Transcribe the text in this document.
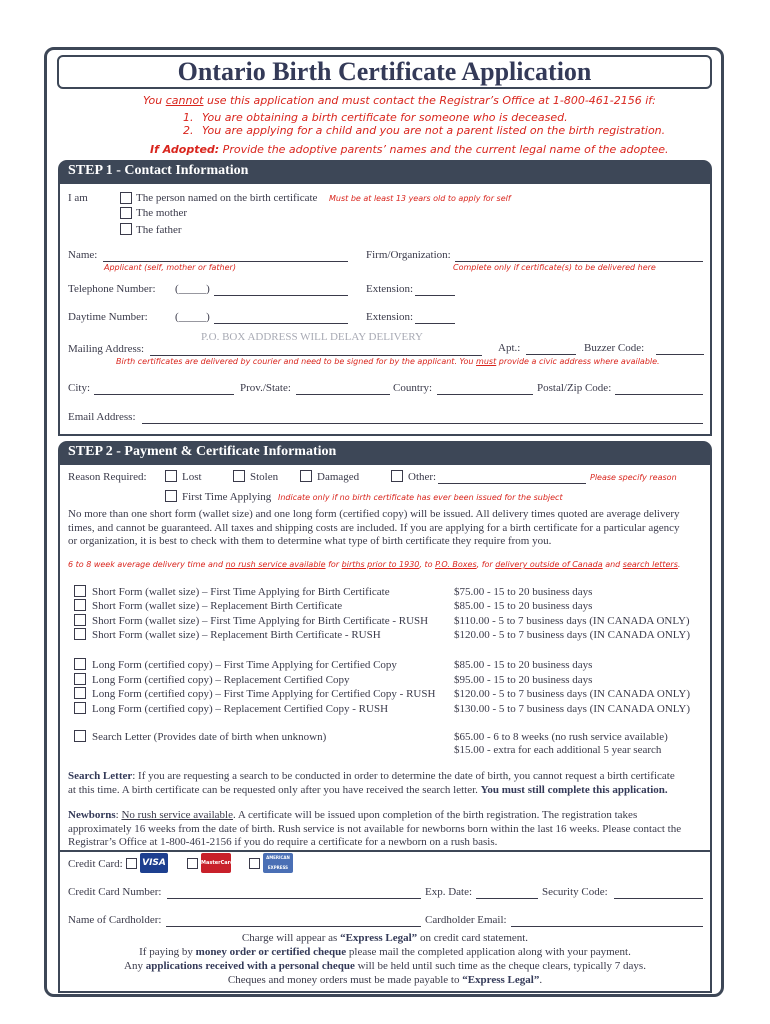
Ontario Birth Certificate Application
You cannot use this application and must contact the Registrar’s Office at 1-800-461-2156 if:
1. You are obtaining a birth certificate for someone who is deceased.
2. You are applying for a child and you are not a parent listed on the birth registration.
If Adopted: Provide the adoptive parents’ names and the current legal name of the adoptee.
STEP 1 - Contact Information
I am	The person named on the birth certificate Must be at least 13 years old to apply for self
The mother
The father
Name:
Applicant (self, mother or father)
Firm/Organization:
Complete only if certificate(s) to be delivered here
Telephone Number: (_____)	Extension:
Daytime Number: (_____)	Extension:
P.O. BOX ADDRESS WILL DELAY DELIVERY
Mailing Address:	Apt.:	Buzzer Code:
Birth certificates are delivered by courier and need to be signed for by the applicant. You must provide a civic address where available.
City:	Prov./State:	Country:	Postal/Zip Code:
Email Address:
STEP 2 - Payment & Certificate Information
Reason Required:	Lost	Stolen	Damaged	Other:	Please specify reason
First Time Applying Indicate only if no birth certificate has ever been issued for the subject
No more than one short form (wallet size) and one long form (certified copy) will be issued. All delivery times quoted are average delivery
times, and cannot be guaranteed. All taxes and shipping costs are included. If you are applying for a birth certificate for a particular agency
or organization, it is best to check with them to determine what type of birth certificate they require from you.
6 to 8 week average delivery time and no rush service available for births prior to 1930, to P.O. Boxes, for delivery outside of Canada and search letters.
Short Form (wallet size) – First Time Applying for Birth Certificate	$75.00 - 15 to 20 business days
Short Form (wallet size) – Replacement Birth Certificate	$85.00 - 15 to 20 business days
Short Form (wallet size) – First Time Applying for Birth Certificate - RUSH $110.00 - 5 to 7 business days (IN CANADA ONLY)
Short Form (wallet size) – Replacement Birth Certificate - RUSH	$120.00 - 5 to 7 business days (IN CANADA ONLY)
Long Form (certified copy) – First Time Applying for Certified Copy	$85.00 - 15 to 20 business days
Long Form (certified copy) – Replacement Certified Copy	$95.00 - 15 to 20 business days
Long Form (certified copy) – First Time Applying for Certified Copy - RUSH $120.00 - 5 to 7 business days (IN CANADA ONLY)
Long Form (certified copy) – Replacement Certified Copy - RUSH	$130.00 - 5 to 7 business days (IN CANADA ONLY)
Search Letter (Provides date of birth when unknown)	$65.00 - 6 to 8 weeks (no rush service available)
$15.00 - extra for each additional 5 year search
Search Letter: If you are requesting a search to be conducted in order to determine the date of birth, you cannot request a birth certificate
at this time. A birth certificate can be requested only after you have received the search letter. You must still complete this application.
Newborns: No rush service available. A certificate will be issued upon completion of the birth registration. The registration takes
approximately 16 weeks from the date of birth. Rush service is not available for newborns born within the last 16 weeks. Please contact the
Registrar’s Office at 1-800-461-2156 if you do require a certificate for a newborn on a rush basis.
Credit Card: VISA	MasterCard
AMERICAN EXPRESS
Credit Card Number:	Exp. Date:	Security Code:
Name of Cardholder:	Cardholder Email:
Charge will appear as “Express Legal” on credit card statement.
If paying by money order or certified cheque please mail the completed application along with your payment.
Any applications received with a personal cheque will be held until such time as the cheque clears, typically 7 days.
Cheques and money orders must be made payable to “Express Legal”.
